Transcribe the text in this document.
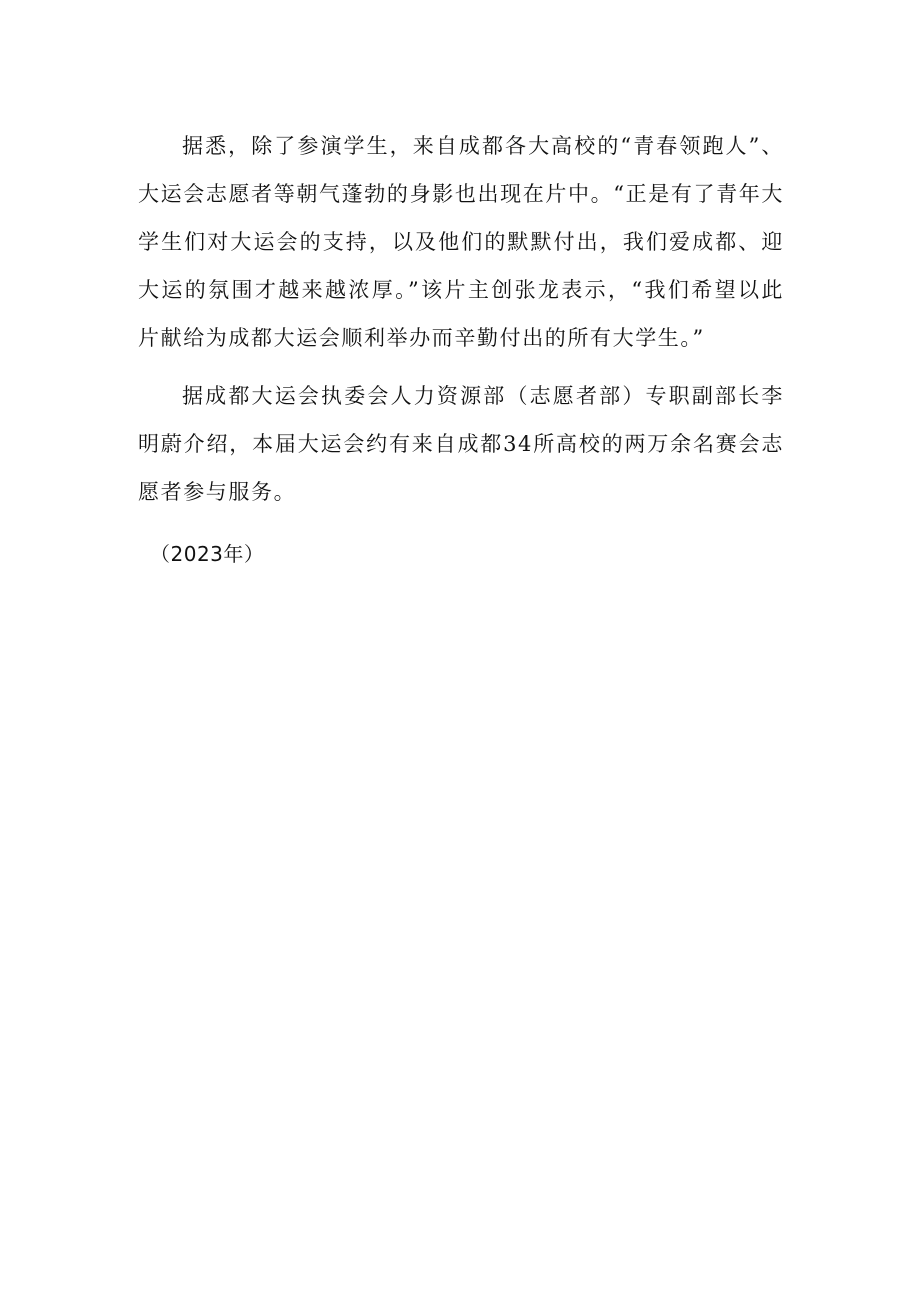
据悉，除了参演学生，来自成都各大高校的“青春领跑人”、大运会志愿者等朝气蓬勃的身影也出现在片中。“正是有了青年大学生们对大运会的支持，以及他们的默默付出，我们爱成都、迎大运的氛围才越来越浓厚。”该片主创张龙表示，“我们希望以此片献给为成都大运会顺利举办而辛勤付出的所有大学生。”

据成都大运会执委会人力资源部（志愿者部）专职副部长李明蔚介绍，本届大运会约有来自成都34所高校的两万余名赛会志愿者参与服务。

（2023年）
